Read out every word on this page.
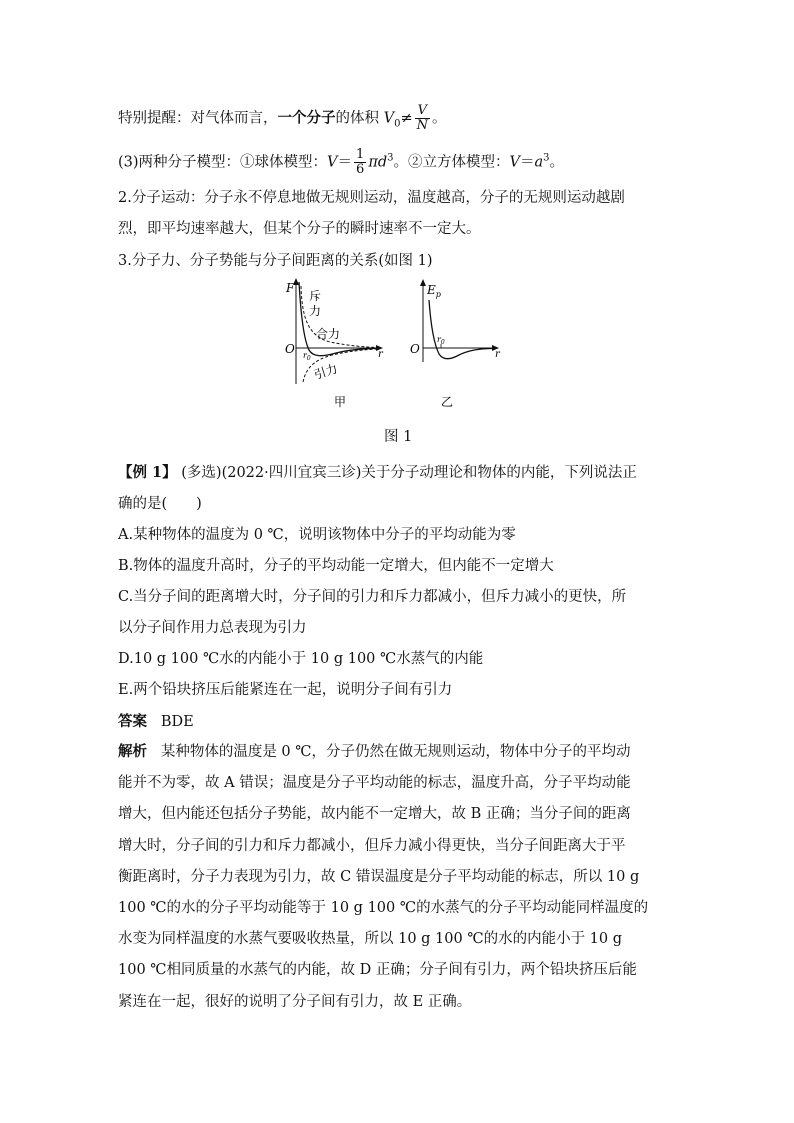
特别提醒：对气体而言，一个分子的体积 $V_0\ne \frac{V}{N}$ 。
(3)两种分子模型：①球体模型：$V= \frac{1}{6} \pi d^3$。②立方体模型：$V=a^3$。
2.分子运动：分子永不停息地做无规则运动，温度越高，分子的无规则运动越剧
烈，即平均速率越大，但某个分子的瞬时速率不一定大。
3.分子力、分子势能与分子间距离的关系(如图 1)
F
斥
力
合力
O $r_0$	r
引力
甲
$E_p$
O
$r_0$
r
乙
图 1
【例 1】 (多选)(2022·四川宜宾三诊)关于分子动理论和物体的内能，下列说法正
确的是(　　)
A.某种物体的温度为 0 ℃，说明该物体中分子的平均动能为零
B.物体的温度升高时，分子的平均动能一定增大，但内能不一定增大
C.当分子间的距离增大时，分子间的引力和斥力都减小，但斥力减小的更快，所
以分子间作用力总表现为引力
D.10 g 100 ℃水的内能小于 10 g 100 ℃水蒸气的内能
E.两个铅块挤压后能紧连在一起，说明分子间有引力
答案 BDE
解析 某种物体的温度是 0 ℃，分子仍然在做无规则运动，物体中分子的平均动
能并不为零，故 A 错误；温度是分子平均动能的标志，温度升高，分子平均动能
增大，但内能还包括分子势能，故内能不一定增大，故 B 正确；当分子间的距离
增大时，分子间的引力和斥力都减小，但斥力减小得更快，当分子间距离大于平
衡距离时，分子力表现为引力，故 C 错误温度是分子平均动能的标志，所以 10 g
100 ℃的水的分子平均动能等于 10 g 100 ℃的水蒸气的分子平均动能同样温度的
水变为同样温度的水蒸气要吸收热量，所以 10 g 100 ℃的水的内能小于 10 g
100 ℃相同质量的水蒸气的内能，故 D 正确；分子间有引力，两个铅块挤压后能
紧连在一起，很好的说明了分子间有引力，故 E 正确。
